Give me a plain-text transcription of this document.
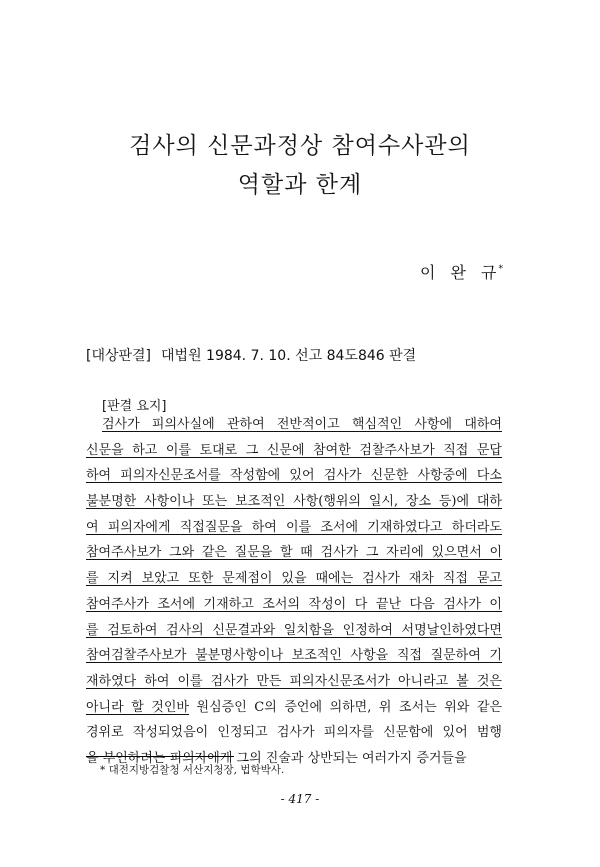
검사의 신문과정상 참여수사관의
역할과 한계
이 완 규*
[대상판결] 대법원 1984. 7. 10. 선고 84도846 판결
[판결 요지]
검사가 피의사실에 관하여 전반적이고 핵심적인 사항에 대하여
신문을 하고 이를 토대로 그 신문에 참여한 검찰주사보가 직접 문답
하여 피의자신문조서를 작성함에 있어 검사가 신문한 사항중에 다소
불분명한 사항이나 또는 보조적인 사항(행위의 일시, 장소 등)에 대하
여 피의자에게 직접질문을 하여 이를 조서에 기재하였다고 하더라도
참여주사보가 그와 같은 질문을 할 때 검사가 그 자리에 있으면서 이
를 지켜 보았고 또한 문제점이 있을 때에는 검사가 재차 직접 묻고
참여주사가 조서에 기재하고 조서의 작성이 다 끝난 다음 검사가 이
를 검토하여 검사의 신문결과와 일치함을 인정하여 서명날인하였다면
참여검찰주사보가 불분명사항이나 보조적인 사항을 직접 질문하여 기
재하였다 하여 이를 검사가 만든 피의자신문조서가 아니라고 볼 것은
아니라 할 것인바 원심증인 C의 증언에 의하면, 위 조서는 위와 같은
경위로 작성되었음이 인정되고 검사가 피의자를 신문함에 있어 범행
을 부인하려는 피의자에게 그의 진술과 상반되는 여러가지 증거들을
* 대전지방검찰청 서산지청장, 법학박사.
- 417 -
